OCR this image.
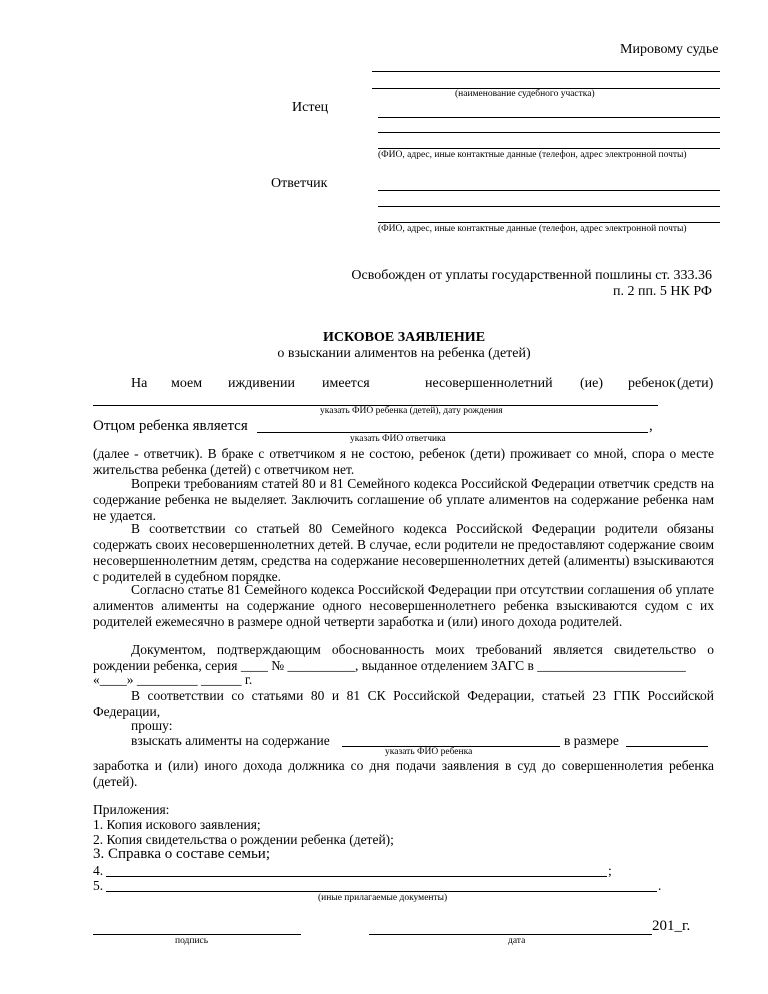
Мировому судье
(наименование судебного участка)
Истец
(ФИО, адрес, иные контактные данные (телефон, адрес электронной почты)
Ответчик
(ФИО, адрес, иные контактные данные (телефон, адрес электронной почты)
Освобожден от уплаты государственной пошлины ст. 333.36
п. 2 пп. 5 НК РФ
ИСКОВОЕ ЗАЯВЛЕНИЕ
о взыскании алиментов на ребенка (детей)
На моем иждивении имеется	несовершеннолетний (ие) ребенок (дети)
указать ФИО ребенка (детей), дату рождения
Отцом ребенка является	,
указать ФИО ответчика
(далее - ответчик). В браке с ответчиком я не состою, ребенок (дети) проживает со мной, спора о месте жительства ребенка (детей) с ответчиком нет.
Вопреки требованиям статей 80 и 81 Семейного кодекса Российской Федерации ответчик средств на содержание ребенка не выделяет. Заключить соглашение об уплате алиментов на содержание ребенка нам не удается.
В соответствии со статьей 80 Семейного кодекса Российской Федерации родители обязаны содержать своих несовершеннолетних детей. В случае, если родители не предоставляют содержание своим несовершеннолетним детям, средства на содержание несовершеннолетних детей (алименты) взыскиваются с родителей в судебном порядке.
Согласно статье 81 Семейного кодекса Российской Федерации при отсутствии соглашения об уплате алиментов алименты на содержание одного несовершеннолетнего ребенка взыскиваются судом с их родителей ежемесячно в размере одной четверти заработка и (или) иного дохода родителей.
Документом, подтверждающим обоснованность моих требований является свидетельство о рождении ребенка, серия ____ № __________, выданное отделением ЗАГС в ______________________
«____» _________ ______ г.
В соответствии со статьями 80 и 81 СК Российской Федерации, статьей 23 ГПК Российской Федерации,
прошу:
взыскать алименты на содержание	в размере
указать ФИО ребенка
заработка и (или) иного дохода должника со дня подачи заявления в суд до совершеннолетия ребенка (детей).
Приложения:
1. Копия искового заявления;
2. Копия свидетельства о рождении ребенка (детей);
3. Справка о составе семьи;
4.	;
5.	.
(иные прилагаемые документы)
подпись
201_г.
дата
